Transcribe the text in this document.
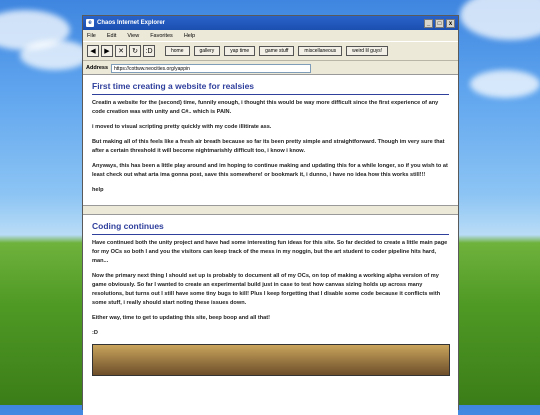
e Chaos Internet Explorer	_	□	x
File Edit View Favorites Help
◀	▶	✕	↻	:D	home	gallery	yap time	game stuff	miscellaneous	weird lil guys!
Address	https://cottww.neocities.org/yappin
First time creating a website for realsies

Creatin a website for the (second) time, funnily enough, i thought this would be way more difficult since the first experience of any code creation was with unity and C#.. which is PAIN.

i moved to visual scripting pretty quickly with my code illitirate ass.

But making all of this feels like a fresh air breath because so far its been pretty simple and straightforward. Though im very sure that after a certain threshold it will become nightmarishly difficult too, i know i know.

Anyways, this has been a little play around and im hoping to continue making and updating this for a while longer, so if you wish to at least check out what arta ima gonna post, save this somewhere! or bookmark it, i dunno, i have no idea how this works still!!!

help

Coding continues

Have continued both the unity project and have had some interesting fun ideas for this site. So far decided to create a little main page for my OCs so both I and you the visitors can keep track of the mess in my noggin, but the art student to coder pipeline hits hard, man...

Now the primary next thing I should set up is probably to document all of my OCs, on top of making a working alpha version of my game obviously. So far I wanted to create an experimental build just in case to test how canvas sizing holds up across many resolutions, but turns out I still have some tiny bugs to kill! Plus I keep forgetting that I disable some code because it conflicts with some stuff, i really should start noting these issues down.

Either way, time to get to updating this site, beep boop and all that!

:D
